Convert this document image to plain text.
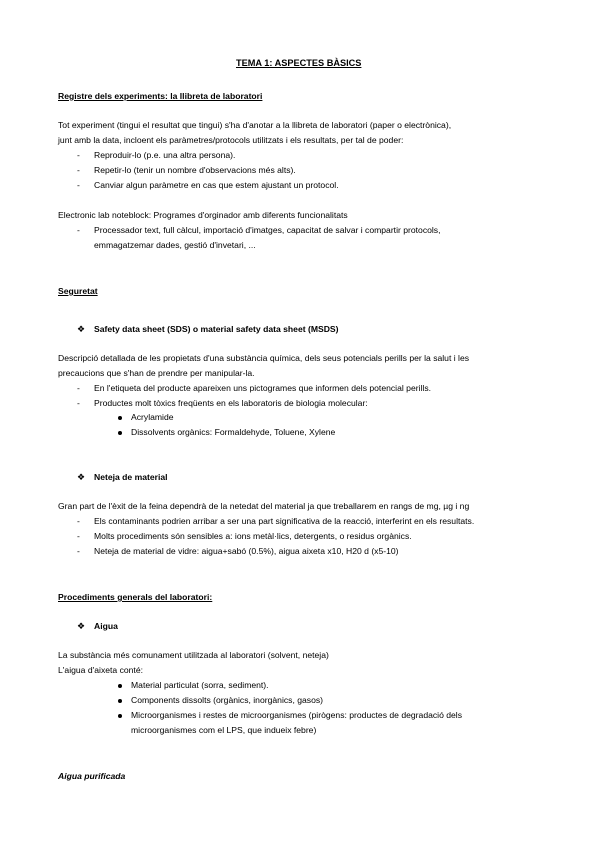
TEMA 1: ASPECTES BÀSICS
Registre dels experiments: la llibreta de laboratori
Tot experiment (tingui el resultat que tingui) s'ha d'anotar a la llibreta de laboratori (paper o electrònica),
junt amb la data, incloent els paràmetres/protocols utilitzats i els resultats, per tal de poder:
- Reproduir-lo (p.e. una altra persona).
- Repetir-lo (tenir un nombre d'observacions més alts).
- Canviar algun paràmetre en cas que estem ajustant un protocol.
Electronic lab noteblock: Programes d'orginador amb diferents funcionalitats
- Processador text, full càlcul, importació d'imatges, capacitat de salvar i compartir protocols,
emmagatzemar dades, gestió d'invetari, ...
Seguretat
❖ Safety data sheet (SDS) o material safety data sheet (MSDS)
Descripció detallada de les propietats d'una substància química, dels seus potencials perills per la salut i les
precaucions que s'han de prendre per manipular-la.
- En l'etiqueta del producte apareixen uns pictogrames que informen dels potencial perills.
- Productes molt tòxics freqüents en els laboratoris de biologia molecular:
Acrylamide
Dissolvents orgànics: Formaldehyde, Toluene, Xylene
❖ Neteja de material
Gran part de l'èxit de la feina dependrà de la netedat del material ja que treballarem en rangs de mg, µg i ng
- Els contaminants podrien arribar a ser una part significativa de la reacció, interferint en els resultats.
- Molts procediments són sensibles a: ions metàl·lics, detergents, o residus orgànics.
- Neteja de material de vidre: aigua+sabó (0.5%), aigua aixeta x10, H20 d (x5-10)
Procediments generals del laboratori:
❖ Aigua
La substància més comunament utilitzada al laboratori (solvent, neteja)
L'aigua d'aixeta conté:
Material particulat (sorra, sediment).
Components dissolts (orgànics, inorgànics, gasos)
Microorganismes i restes de microorganismes (pirògens: productes de degradació dels
microorganismes com el LPS, que indueix febre)
Aigua purificada
